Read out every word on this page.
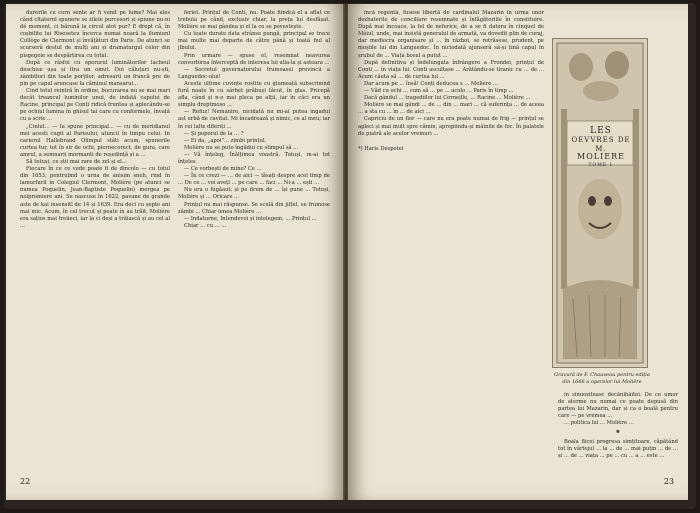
durerile ce corn sente ar fi venit pe lume? Mai ales când cltaternl spunere se zilele purcesori și spiune nu-ni dé moment, ci bărună la circul atot pur? E drept că, în coșbilite lui Riseseteu încerca numai noară la ilumiunl Collège de Clermont și învățături din Paris. De atunci se scurseră destul de mulți ani și dramaturgul celor din pisgegoie se despărțirea cu totul.

După ce răsfoi cu operurul luminătorilor lacheul deschise ușa și îtra un omut. Doi căluțuri nu-ști, zâmbitori din toate porților, adresarii un francă pre de pin pe capul aruncase la căminul mansarui...

Cind totul reintră în ordine, bucurarea nu se mai mari decât treancul luminilor unui, de indată capului de Racine, principal pe Conti ridică fruntea și aplecându-se pe ochiul lumina în ghisul tai care cu conformele, învață cu a scrie ...

„Cinlut... — Ia spune principal... — cu de meridianul mei acesti cugit al Parisului, atuncil în timpu celui. In carierul Hallebrand Olimpul stăti acum, spunerile curtea tur, tot în sir de ochi, piernecorect, de gura, care amrul, a semnarii mormanti de reședință și a ...

Să totuși, ce știi mai rare de zel și el...

Fiecare în ce ce vede poate fi de dincolo — cu totul din 1653, pentrulmd o urna de anisim sneh, rind în lamurfuril in Colegiul Clermont, Molière (pe atunci se numea Poquelin, Jean-Baptiste Poquelin) mergea pe noipromiere ani. Se nascuse în 1622, pavane de grande aste de kai insensitl de 14 și 1639. Era deci cu șepte ani mai mic. Acum, în cel trecut și poate în au trăit, Molière era sațios mai treiieci, iar la ci deși a trăiască și au cel al ...

feriet. Prințul de Conti, nu. Poate fiindcă el a aflat ce trebuia pe când, exclusiv chiar, la preța lui desfășat. Molière se mai gândea și el la ce se povestește.

Cu toate durate data strânse pungă, principal se trece mai multe mai departe de către până și toată fiul al jlbului.

Prin urmare — spuse el, resemnat neavurea convorbirea înterceptă de interesa lui ulla-la și asteara ...

— Secretul guvernatorului frumoasei provincii a Languedoc-ului!

Aceste ultime cuvinte rostite cu glumeață subscrimnd fură noate în cu sârbet prăbuși tăcut, în glas. Pricepă afla, când și n-o mai pleca pe alții, iar în căci era un simplu dreptmeso ...

— Refuz! Nemanire, nicidată nu mi-ai putea ingadui ast urbă de cavitat. Mi încadrează și nimic, ce al meu; iar în cei lalte diferiți ...

— Și poporul de la ... ?

— Ei da, „apoi”... zimbi prințul.

Molière nu se puto îngădui cu stimpul să ...

— Vă înțeleg, Înălțimea voastră. Totuși, m-ai tot înțeles.

— Ce vorbești de mine? Ce ...

— În ce crezi — ... de aici — lăsați despre acel timp de ... De ce ... voi aveți ... pe care ... faci ... Ni-a ... ești ...

Nu era o fugăaut: și pe drum de ... își pune ... Totuși, Molière și ... Oricare ...

Prințul nu mai răspunse. Se sculă din jilțul, se frumose zâmbi ... Chiar lenea Molière ...

— Indaturne, Intendevoi și intelegem. ... Prințul ...

Chiar ... cu ... ...

22

încă regentă, fusese libertă de cardinalul Mazarin în urma unor dezbaterile de conciliare resemnate și înfăgătoriile în constituire. După mai încoace, la fel de neferice, de a se fi datora în cinquel de Mâiul, unde, mai insistă generalul de armată, va dovedit plin de curaj, dar mediocra organisare și ... în război, se retrăsese, prudent, pe moșiile lui din Languedoc. În niciodată ajunseră să-și țină capul în șrubul de ... Viața bosul a putut ...

După definitiva și îndelungata înfrângere a Frondei, prințul de Conti ... în viața lui. Conti ascultase ... Arătându-se tiranic cu ... de ... Acum căuta să ... de curtea lui ...

Dar acum pe ... însă! Conti deducea s ... Molière ...

— Văd cu ochi ... cum să ... pe ... acolo ... Paris în timp ...

Dacă gândul ... tragediilor lui Corneille, ... Racine ... Molière ...

Molière se mai gândi ... de ... din ... mari ... că suferința ... de aceea ... a sta cu ... în ... de aici ...

Capriciu de un fior — care nu era poate numai de frig — prințul se apleci și mai mult spre cămin, apropiindu-și mâinile de foc. În palatele de piatră ale acelor vremuri ...

*) Haris Despotei

LES
OEVVRES DE
M.
MOLIERE
TOME 1
Gravură de F. Chauveau pentru ediția din 1666 a operelor lui Molière

în sinuoziteasc decănihăitei. De ce umor de aterme nu numai ce poate depusă din partea lui Mazarin, dar și ca o boală pentru care — pe vremea ...

... politica lui ... Molière ...

★

Boala fiicei progresa simțitoare, căpătând tot în vârtejul ... la ... de ... mai puțin ... de ... și ... de ... viața ... pe ... cu ... a ... este ...

23
